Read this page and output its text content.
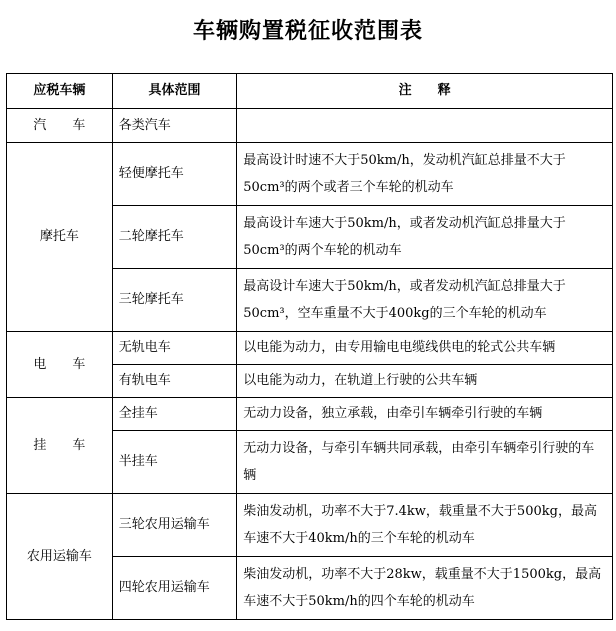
车辆购置税征收范围表
应税车辆	具体范围	注　　释
汽　　车	各类汽车	
摩托车	轻便摩托车	最高设计时速不大于50km/h，发动机汽缸总排量不大于50cm³的两个或者三个车轮的机动车
	二轮摩托车	最高设计车速大于50km/h，或者发动机汽缸总排量大于50cm³的两个车轮的机动车
	三轮摩托车	最高设计车速大于50km/h，或者发动机汽缸总排量大于50cm³，空车重量不大于400kg的三个车轮的机动车
电　　车	无轨电车	以电能为动力，由专用输电电缆线供电的轮式公共车辆
	有轨电车	以电能为动力，在轨道上行驶的公共车辆
挂　　车	全挂车	无动力设备，独立承载，由牵引车辆牵引行驶的车辆
	半挂车	无动力设备，与牵引车辆共同承载，由牵引车辆牵引行驶的车辆
农用运输车	三轮农用运输车	柴油发动机，功率不大于7.4kw，载重量不大于500kg，最高车速不大于40km/h的三个车轮的机动车
	四轮农用运输车	柴油发动机，功率不大于28kw，载重量不大于1500kg，最高车速不大于50km/h的四个车轮的机动车
